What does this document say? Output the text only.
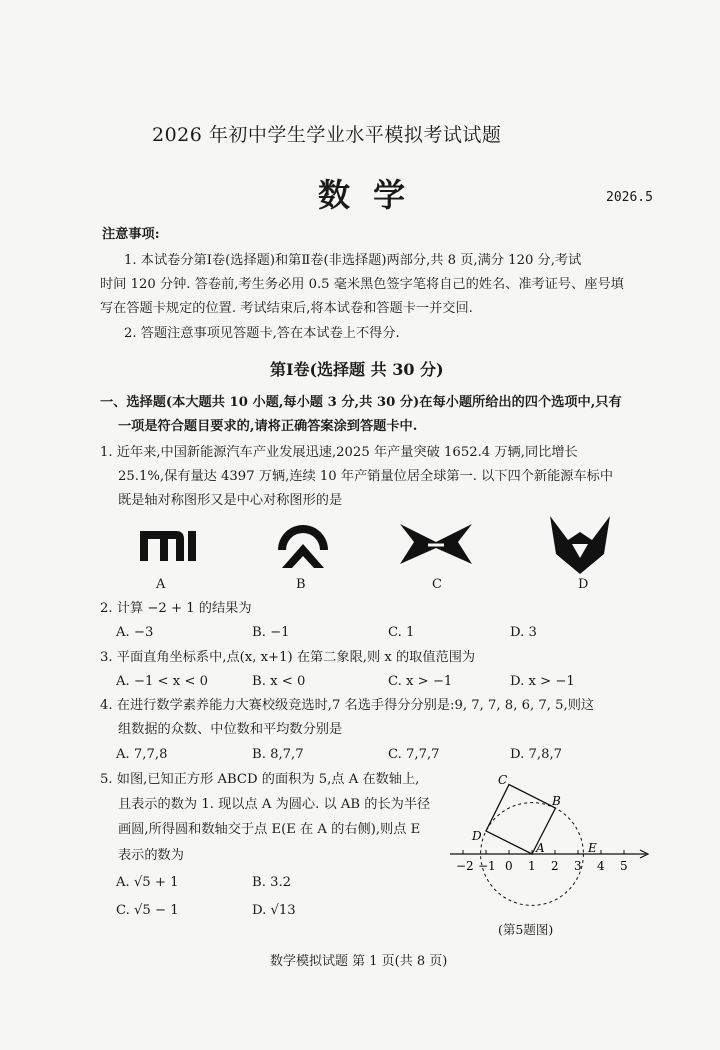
2026 年初中学生学业水平模拟考试试题
数 学	2026.5
注意事项:
1. 本试卷分第Ⅰ卷(选择题)和第Ⅱ卷(非选择题)两部分,共 8 页,满分 120 分,考试
时间 120 分钟. 答卷前,考生务必用 0.5 毫米黑色签字笔将自己的姓名、准考证号、座号填
写在答题卡规定的位置. 考试结束后,将本试卷和答题卡一并交回.
2. 答题注意事项见答题卡,答在本试卷上不得分.
第Ⅰ卷(选择题 共 30 分)
一、选择题(本大题共 10 小题,每小题 3 分,共 30 分)在每小题所给出的四个选项中,只有
一项是符合题目要求的,请将正确答案涂到答题卡中.
1. 近年来,中国新能源汽车产业发展迅速,2025 年产量突破 1652.4 万辆,同比增长
25.1%,保有量达 4397 万辆,连续 10 年产销量位居全球第一. 以下四个新能源车标中
既是轴对称图形又是中心对称图形的是
A	B	C	D
2. 计算 −2 + 1 的结果为
A. −3	B. −1	C. 1	D. 3
3. 平面直角坐标系中,点(x, x+1) 在第二象限,则 x 的取值范围为
A. −1 < x < 0	B. x < 0	C. x > −1	D. x > −1
4. 在进行数学素养能力大赛校级竞选时,7 名选手得分分别是:9, 7, 7, 8, 6, 7, 5,则这
组数据的众数、中位数和平均数分别是
A. 7,7,8	B. 8,7,7	C. 7,7,7	D. 7,8,7
5. 如图,已知正方形 ABCD 的面积为 5,点 A 在数轴上,
且表示的数为 1. 现以点 A 为圆心. 以 AB 的长为半径
画圆,所得圆和数轴交于点 E(E 在 A 的右侧),则点 E
表示的数为
A. √5 + 1	B. 3.2
C. √5 − 1	D. √13
C
B
D
A	E
−2 −1 0 1 2 3 4 5
(第5题图)
数学模拟试题 第 1 页(共 8 页)
